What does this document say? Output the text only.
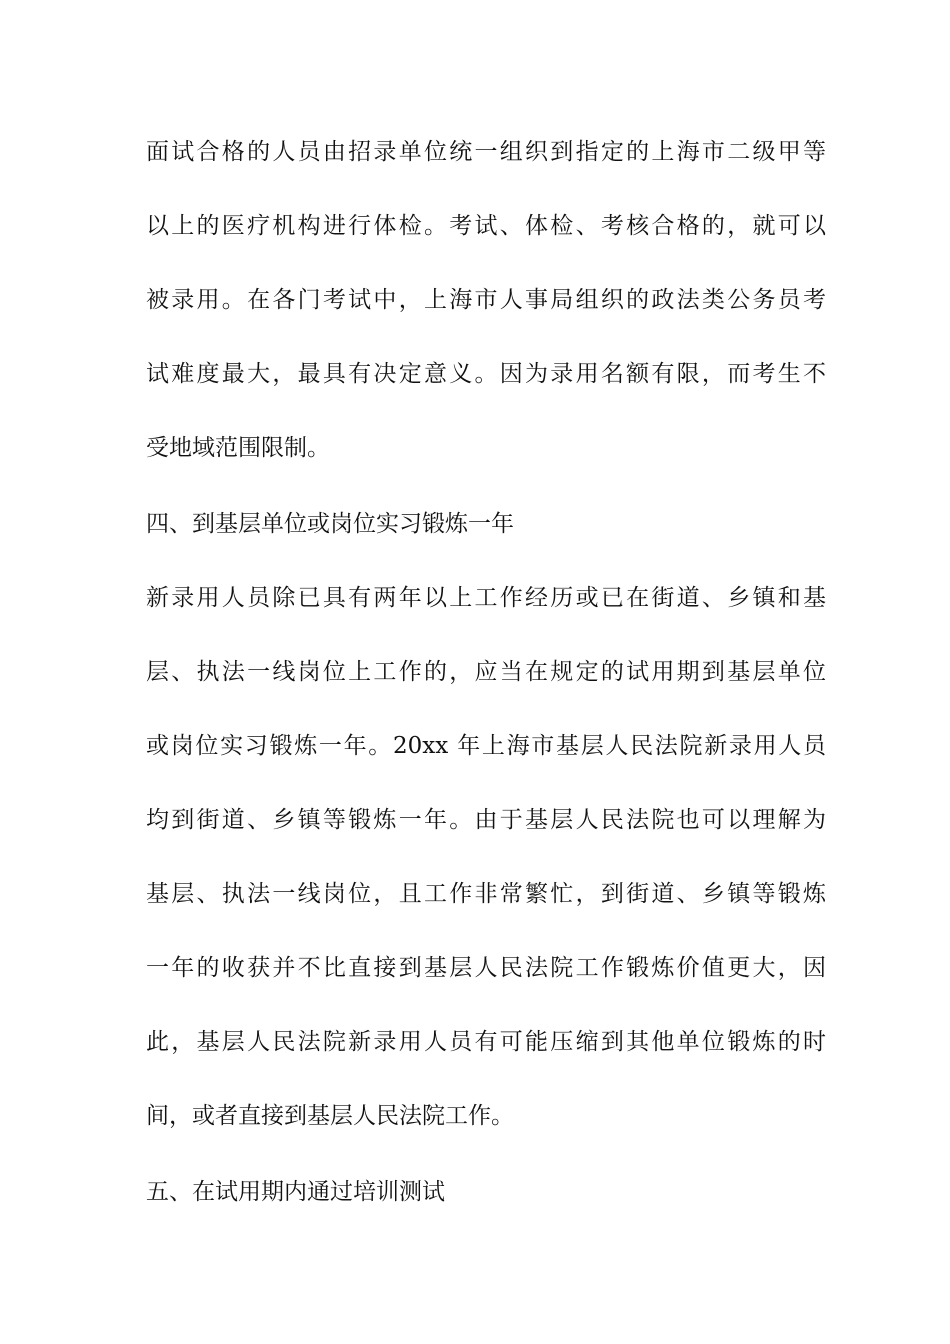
面试合格的人员由招录单位统一组织到指定的上海市二级甲等
以上的医疗机构进行体检。考试、体检、考核合格的，就可以
被录用。在各门考试中，上海市人事局组织的政法类公务员考
试难度最大，最具有决定意义。因为录用名额有限，而考生不
受地域范围限制。
四、到基层单位或岗位实习锻炼一年
新录用人员除已具有两年以上工作经历或已在街道、乡镇和基
层、执法一线岗位上工作的，应当在规定的试用期到基层单位
或岗位实习锻炼一年。20xx 年上海市基层人民法院新录用人员
均到街道、乡镇等锻炼一年。由于基层人民法院也可以理解为
基层、执法一线岗位，且工作非常繁忙，到街道、乡镇等锻炼
一年的收获并不比直接到基层人民法院工作锻炼价值更大，因
此，基层人民法院新录用人员有可能压缩到其他单位锻炼的时
间，或者直接到基层人民法院工作。
五、在试用期内通过培训测试
